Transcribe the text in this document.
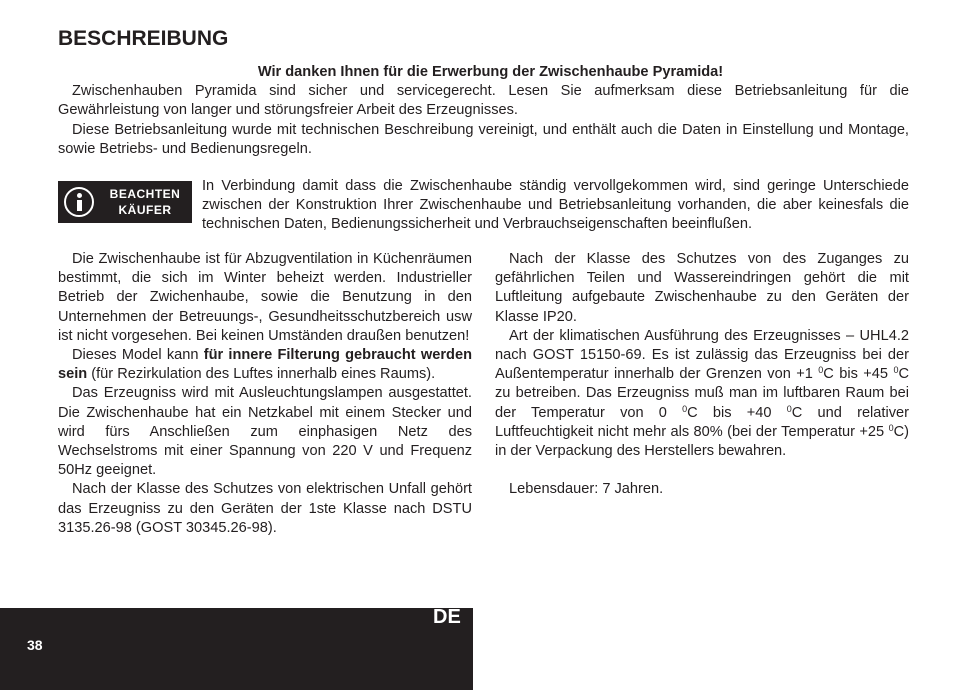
BESCHREIBUNG

Wir danken Ihnen für die Erwerbung der Zwischenhaube Pyramida!

Zwischenhauben Pyramida sind sicher und servicegerecht. Lesen Sie aufmerksam diese Betriebsanleitung für die Gewährleistung von langer und störungsfreier Arbeit des Erzeugnisses.

Diese Betriebsanleitung wurde mit technischen Beschreibung vereinigt, und enthält auch die Daten in Einstellung und Montage, sowie Betriebs- und Bedienungsregeln.

BEACHTEN
KÄUFER

In Verbindung damit dass die Zwischenhaube ständig vervollgekommen wird, sind geringe Unterschiede zwischen der Konstruktion Ihrer Zwischenhaube und Betriebsanleitung vorhanden, die aber keinesfals die technischen Daten, Bedienungssicherheit und Verbrauchseigenschaften beeinflußen.

Die Zwischenhaube ist für Abzugventilation in Küchenräumen bestimmt, die sich im Winter beheizt werden. Industrieller Betrieb der Zwichenhaube, sowie die Benutzung in den Unternehmen der Betreuungs-, Gesundheitsschutzbereich usw ist nicht vorgesehen. Bei keinen Umständen draußen benutzen!

Dieses Model kann für innere Filterung gebraucht werden sein (für Rezirkulation des Luftes innerhalb eines Raums).

Das Erzeugniss wird mit Ausleuchtungslampen ausgestattet. Die Zwischenhaube hat ein Netzkabel mit einem Stecker und wird fürs Anschließen zum einphasigen Netz des Wechselstroms mit einer Spannung von 220 V und Frequenz 50Hz geeignet.

Nach der Klasse des Schutzes von elektrischen Unfall gehört das Erzeugniss zu den Geräten der 1ste Klasse nach DSTU 3135.26-98 (GOST 30345.26-98).

Nach der Klasse des Schutzes von des Zuganges zu gefährlichen Teilen und Wassereindringen gehört die mit Luftleitung aufgebaute Zwischenhaube zu den Geräten der Klasse IP20.

Art der klimatischen Ausführung des Erzeugnisses – UHL4.2 nach GOST 15150-69. Es ist zulässig das Erzeugniss bei der Außentemperatur innerhalb der Grenzen von +1 $^0$C bis +45 $^0$C zu betreiben. Das Erzeugniss muß man im luftbaren Raum bei der Temperatur von 0 $^0$C bis +40 $^0$C und relativer Luftfeuchtigkeit nicht mehr als 80% (bei der Temperatur +25 $^0$C) in der Verpackung des Herstellers bewahren.

Lebensdauer: 7 Jahren.

DE
38
